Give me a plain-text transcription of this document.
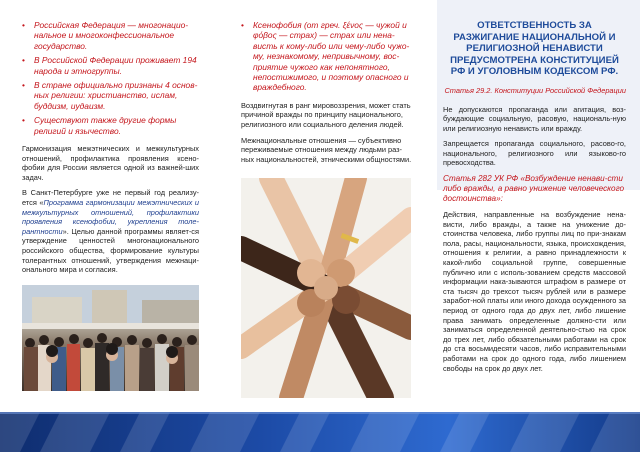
• Российская Федерация — многонацио-нальное и многоконфессиональное государство.
• В Российской Федерации проживает 194 народа и этногруппы.
• В стране официально признаны 4 основ-ных религии: христианство, ислам, буддизм, иудаизм.
• Существуют также другие формы религий и язычество.

Гармонизация межэтнических и межкультурных отношений, профилактика проявления ксено-фобии для России является одной из важней-ших задач.

В Санкт-Петербурге уже не первый год реализу-ется «Программа гармонизации межэтнических и межкультурных отношений, профилактики проявления ксенофобии, укрепления толе-рантности». Целью данной программы являет-ся утверждение ценностей многонационального российского общества, формирование культуры толерантных отношений, утверждения межнаци-онального мира и согласия.

• Ксенофобия (от греч. ξένος — чужой и φόβος — страх) — страх или нена-висть к кому-либо или чему-либо чужо-му, незнакомому, непривычному, вос-приятие чужого как непонятного, непостижимого, и поэтому опасного и враждебного.

Воздвигнутая в ранг мировоззрения, может стать причиной вражды по принципу национального, религиозного или социального деления людей.

Межнациональные отношения — субъективно переживаемые отношения между людьми раз-ных национальностей, этническими общностями.

ОТВЕТСТВЕННОСТЬ ЗА РАЗЖИГАНИЕ НАЦИОНАЛЬНОЙ И РЕЛИГИОЗНОЙ НЕНАВИСТИ ПРЕДУСМОТРЕНА КОНСТИТУЦИЕЙ РФ И УГОЛОВНЫМ КОДЕКСОМ РФ.
Статья 29.2. Конституции Российской Федерации

Не допускаются пропаганда или агитация, воз-буждающие социальную, расовую, националь-ную или религиозную ненависть или вражду.

Запрещается пропаганда социального, расово-го, национального, религиозного или языково-го превосходства.

Статья 282 УК РФ «Возбуждение ненави-сти либо вражды, а равно унижение человеческого достоинства»:

Действия, направленные на возбуждение нена-висти, либо вражды, а также на унижение до-стоинства человека, либо группы лиц по при-знакам пола, расы, национальности, языка, происхождения, отношения к религии, а равно принадлежности к какой-либо социальной группе, совершенные публично или с исполь-зованием средств массовой информации нака-зываются штрафом в размере от ста тысяч до трехсот тысяч рублей или в размере заработ-ной платы или иного дохода осужденного за период от одного года до двух лет, либо лишение права занимать определенные должно-сти или заниматься определенной деятельно-стью на срок до трех лет, либо обязательными работами на срок до ста восьмидесяти часов, либо исправительными работами на срок до одного года, либо лишением свободы на срок до двух лет.
